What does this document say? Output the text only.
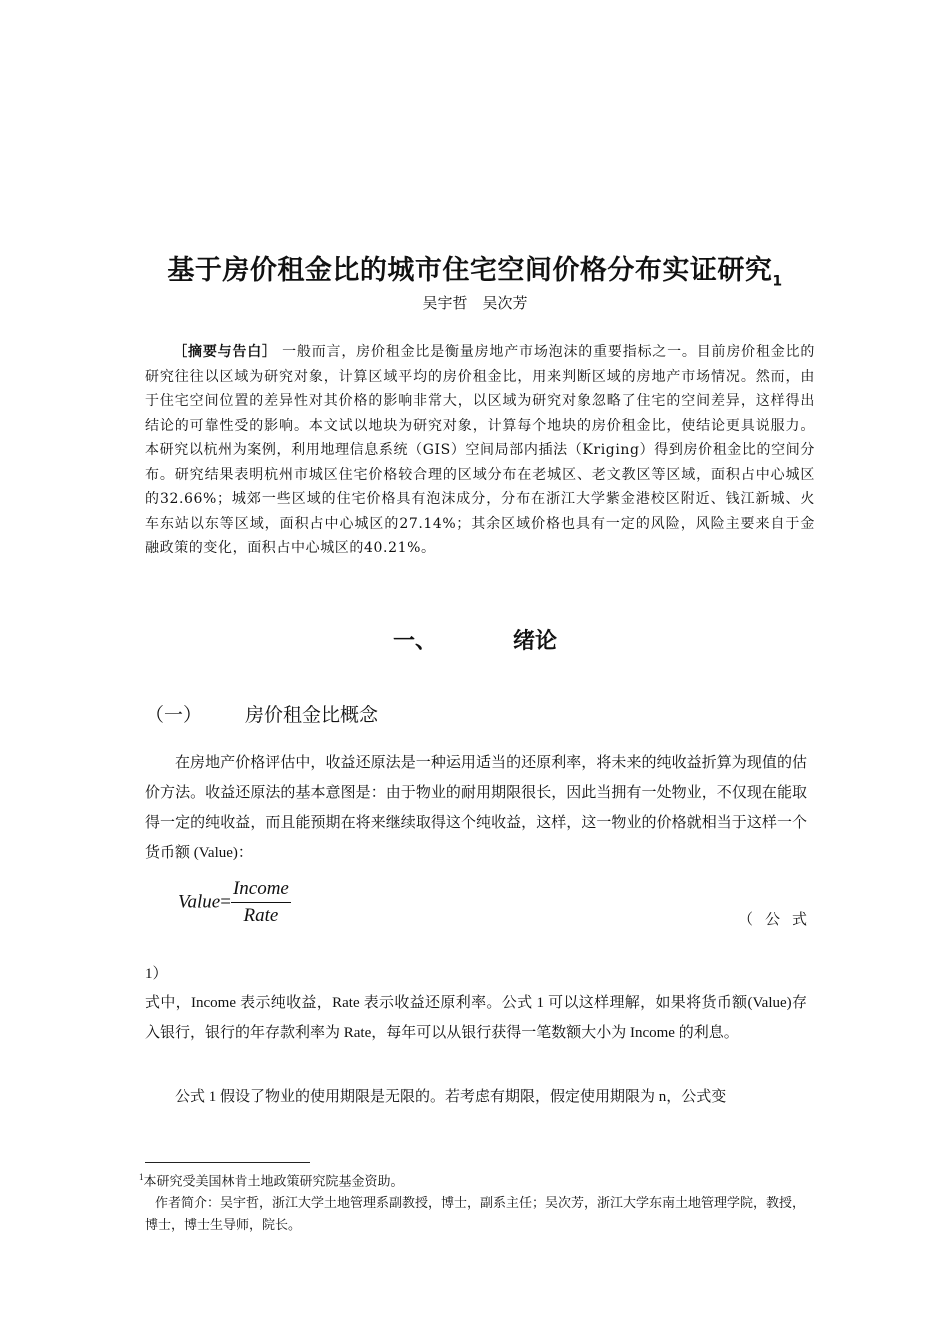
基于房价租金比的城市住宅空间价格分布实证研究$^1$
吴宇哲　吴次芳
［摘要与告白］ 一般而言，房价租金比是衡量房地产市场泡沫的重要指标之一。目前房价租金比的研究往往以区域为研究对象，计算区域平均的房价租金比，用来判断区域的房地产市场情况。然而，由于住宅空间位置的差异性对其价格的影响非常大，以区域为研究对象忽略了住宅的空间差异，这样得出结论的可靠性受的影响。本文试以地块为研究对象，计算每个地块的房价租金比，使结论更具说服力。本研究以杭州为案例，利用地理信息系统（GIS）空间局部内插法（Kriging）得到房价租金比的空间分布。研究结果表明杭州市城区住宅价格较合理的区域分布在老城区、老文教区等区域，面积占中心城区的32.66%；城郊一些区域的住宅价格具有泡沫成分，分布在浙江大学紫金港校区附近、钱江新城、火车东站以东等区域，面积占中心城区的27.14%；其余区域价格也具有一定的风险，风险主要来自于金融政策的变化，面积占中心城区的40.21%。
一、	绪论
（一） 房价租金比概念
在房地产价格评估中，收益还原法是一种运用适当的还原利率，将未来的纯收益折算为现值的估价方法。收益还原法的基本意图是：由于物业的耐用期限很长，因此当拥有一处物业，不仅现在能取得一定的纯收益，而且能预期在将来继续取得这个纯收益，这样，这一物业的价格就相当于这样一个货币额 (Value)：
Value= $\frac{\text{Income}}{\text{Rate}}$	（公式
1）
式中，Income 表示纯收益，Rate 表示收益还原利率。公式 1 可以这样理解，如果将货币额(Value)存入银行，银行的年存款利率为 Rate，每年可以从银行获得一笔数额大小为 Income 的利息。
公式 1 假设了物业的使用期限是无限的。若考虑有期限，假定使用期限为 n，公式变
$^1$本研究受美国林肯土地政策研究院基金资助。
作者简介：吴宇哲，浙江大学土地管理系副教授，博士，副系主任；吴次芳，浙江大学东南土地管理学院，教授，博士，博士生导师，院长。
